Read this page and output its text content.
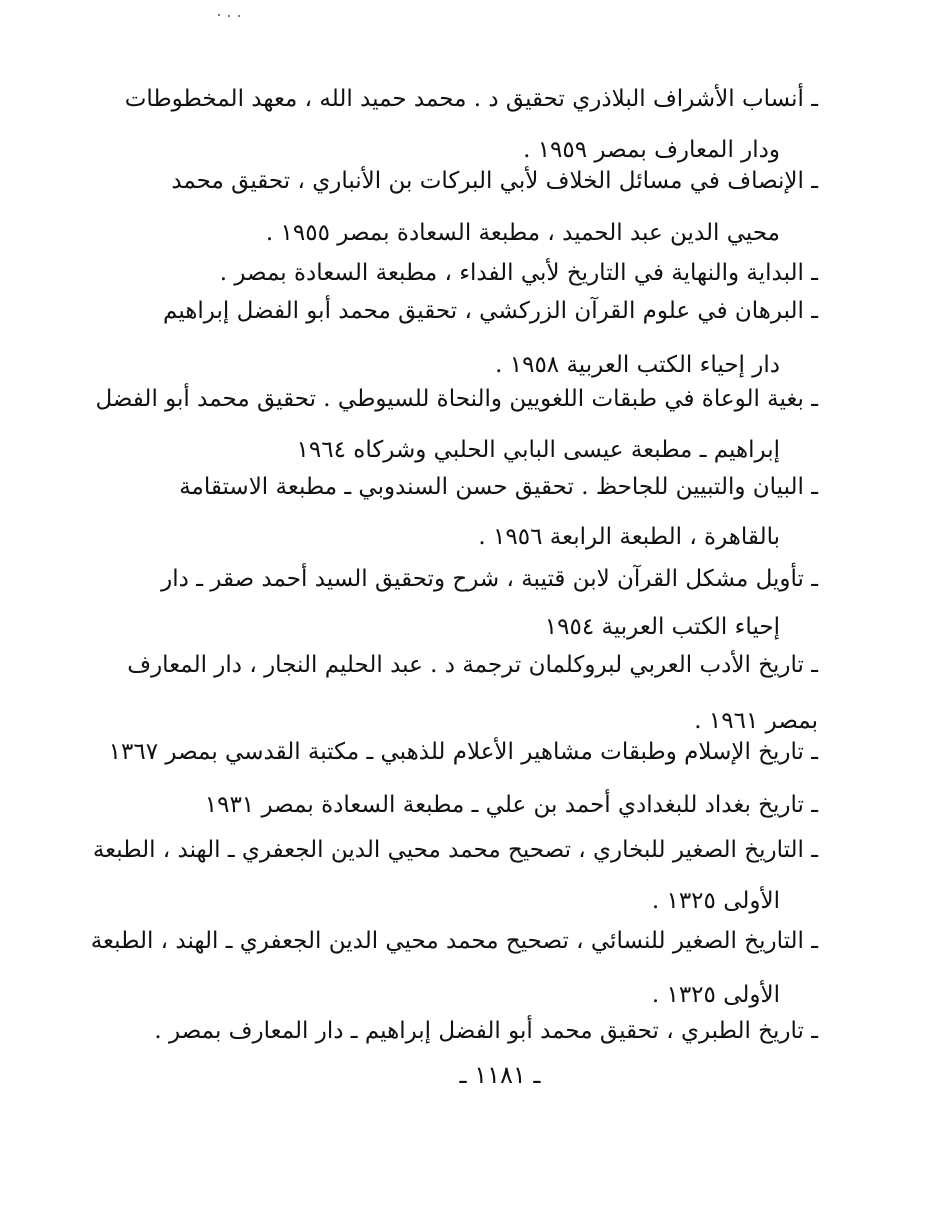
ـ أنساب الأشراف البلاذري تحقيق د . محمد حميد الله ، معهد المخطوطات
ودار المعارف بمصر ١٩٥٩ .
ـ الإنصاف في مسائل الخلاف لأبي البركات بن الأنباري ، تحقيق محمد
محيي الدين عبد الحميد ، مطبعة السعادة بمصر ١٩٥٥ .
ـ البداية والنهاية في التاريخ لأبي الفداء ، مطبعة السعادة بمصر .
ـ البرهان في علوم القرآن الزركشي ، تحقيق محمد أبو الفضل إبراهيم
دار إحياء الكتب العربية ١٩٥٨ .
ـ بغية الوعاة في طبقات اللغويين والنحاة للسيوطي . تحقيق محمد أبو الفضل
إبراهيم ـ مطبعة عيسى البابي الحلبي وشركاه ١٩٦٤
ـ البيان والتبيين للجاحظ . تحقيق حسن السندوبي ـ مطبعة الاستقامة
بالقاهرة ، الطبعة الرابعة ١٩٥٦ .
ـ تأويل مشكل القرآن لابن قتيبة ، شرح وتحقيق السيد أحمد صقر ـ دار
إحياء الكتب العربية ١٩٥٤
ـ تاريخ الأدب العربي لبروكلمان ترجمة د . عبد الحليم النجار ، دار المعارف
بمصر ١٩٦١ .
ـ تاريخ الإسلام وطبقات مشاهير الأعلام للذهبي ـ مكتبة القدسي بمصر ١٣٦٧
ـ تاريخ بغداد للبغدادي أحمد بن علي ـ مطبعة السعادة بمصر ١٩٣١
ـ التاريخ الصغير للبخاري ، تصحيح محمد محيي الدين الجعفري ـ الهند ، الطبعة
الأولى ١٣٢٥ .
ـ التاريخ الصغير للنسائي ، تصحيح محمد محيي الدين الجعفري ـ الهند ، الطبعة
الأولى ١٣٢٥ .
ـ تاريخ الطبري ، تحقيق محمد أبو الفضل إبراهيم ـ دار المعارف بمصر .
ـ ١١٨١ ـ
